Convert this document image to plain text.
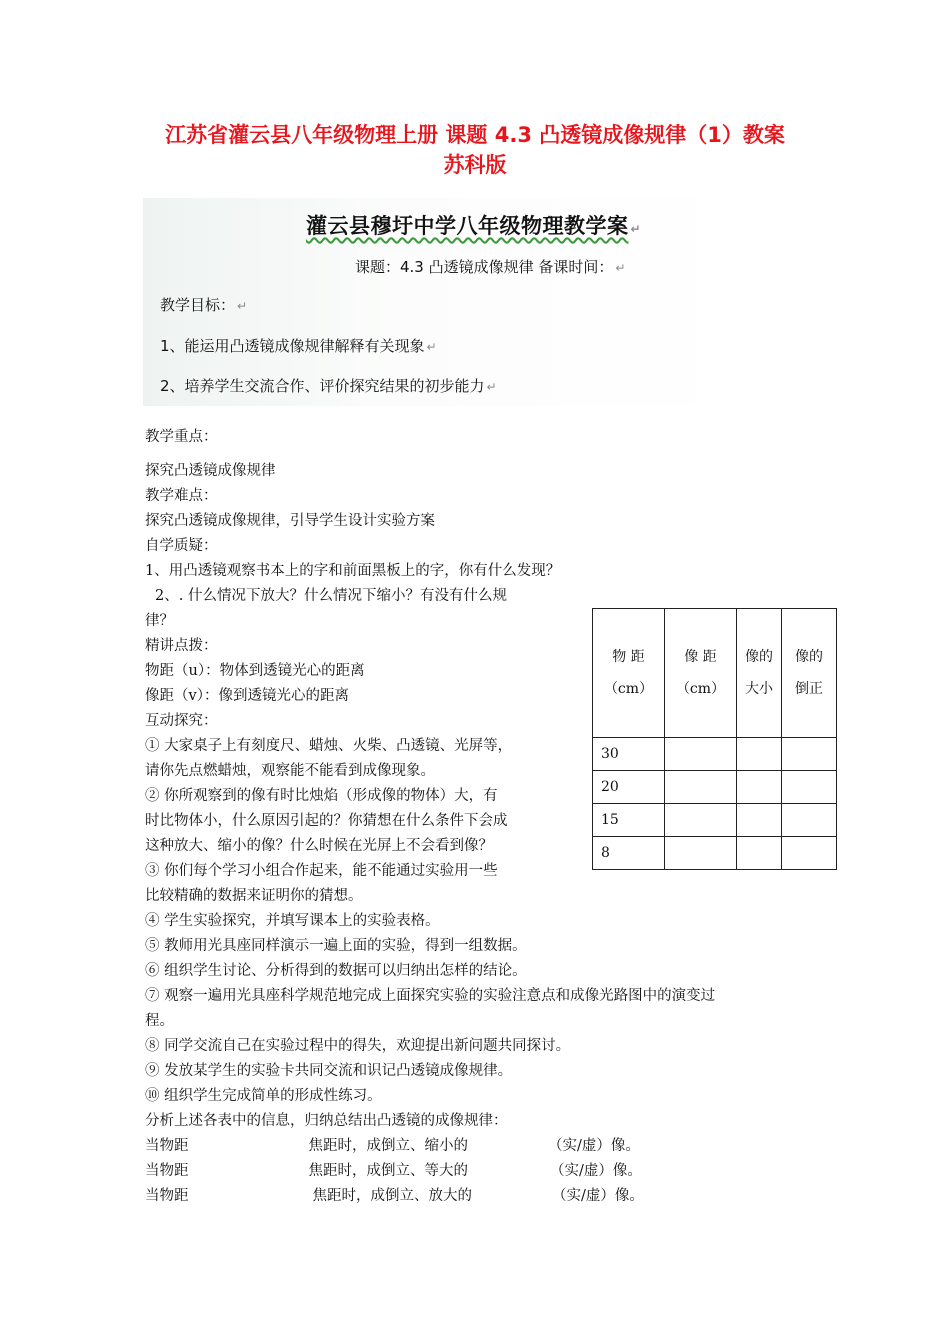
江苏省灌云县八年级物理上册 课题 4.3 凸透镜成像规律（1）教案
苏科版
灌云县穆圩中学八年级物理教学案 ↵
课题：4.3 凸透镜成像规律 备课时间： ↵
教学目标： ↵
1、能运用凸透镜成像规律解释有关现象 ↵
2、培养学生交流合作、评价探究结果的初步能力 ↵
教学重点：
探究凸透镜成像规律
教学难点：
探究凸透镜成像规律，引导学生设计实验方案
自学质疑：
1、用凸透镜观察书本上的字和前面黑板上的字，你有什么发现？
2、. 什么情况下放大？什么情况下缩小？有没有什么规
律？
精讲点拨：
物距（u）：物体到透镜光心的距离
像距（v）：像到透镜光心的距离
互动探究：
① 大家桌子上有刻度尺、蜡烛、火柴、凸透镜、光屏等，
请你先点燃蜡烛，观察能不能看到成像现象。
② 你所观察到的像有时比烛焰（形成像的物体）大，有
时比物体小，什么原因引起的？你猜想在什么条件下会成
这种放大、缩小的像？什么时候在光屏上不会看到像？
③ 你们每个学习小组合作起来，能不能通过实验用一些
比较精确的数据来证明你的猜想。
④ 学生实验探究，并填写课本上的实验表格。
⑤ 教师用光具座同样演示一遍上面的实验，得到一组数据。
⑥ 组织学生讨论、分析得到的数据可以归纳出怎样的结论。
⑦ 观察一遍用光具座科学规范地完成上面探究实验的实验注意点和成像光路图中的演变过
程。
⑧ 同学交流自己在实验过程中的得失，欢迎提出新问题共同探讨。
⑨ 发放某学生的实验卡共同交流和识记凸透镜成像规律。
⑩ 组织学生完成简单的形成性练习。
分析上述各表中的信息，归纳总结出凸透镜的成像规律：
当物距	焦距时，成倒立、缩小的	（实/虚）像。
当物距	焦距时，成倒立、等大的	（实/虚）像。
当物距	焦距时，成倒立、放大的	（实/虚）像。
物 距（cm）	像 距（cm）	像的大小	像的倒正
30			
20			
15			
8			
